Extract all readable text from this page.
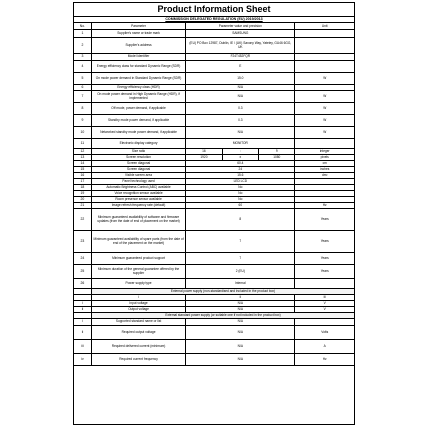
Product Information Sheet
COMMISSION DELEGATED REGULATION (EU) 2019/2013
No.	Parameter	Parameter value and precision	Unit
1	Supplier's name or trade mark	SAMSUNG
2	Supplier's address	(EU) PO Box 12987, Dublin, IE / (UK) Saxony Way, Yateley, GU46 6GG, UK
3	Model identifier	F24T452FQR
4	Energy efficiency class for standard Dynamic Range (SDR)	E
5	On mode power demand in Standard Dynamic Range (SDR)	15.0	W
6	Energy efficiency class (HDR)	N/A
7	On mode power demand in High Dynamic Range (HDR), if implemented	N/A	W
8	Off mode, power demand, if applicable	0.3	W
9	Standby mode power demand, if applicable	0.3	W
10	Networked standby mode power demand, if applicable	N/A	W
11	Electronic display category	MONITOR
12	Size ratio	16	:	9	integer
13	Screen resolution	1920	x	1080	pixels
14	Screen diagonal	60.4	cm
15	Screen diagonal	24	inches
16	Visible screen area	15.6	dm²
17	Panel technology used	LED LCD
18	Automatic Brightness Control (ABC) available	No
19	Voice recognition sensor available	No
20	Room presence sensor available	No
21	Image refresh frequency rate (default)	60	Hz
22	Minimum guaranteed availability of software and firmware updates (from the date of end of placement on the market)	8	Years
23	Minimum guaranteed availability of spare parts (from the date of end of the placement on the market)	7	Years
24	Minimum guaranteed product support	7	Years
25	Minimum duration of the general guarantee offered by the supplier	2 (EU)	Years
26	Power supply type	Internal
External power supply (non-standardised and included in the product box)
i	ii	iii
i	Input voltage	N/A	V
ii	Output voltage	N/A	V
External standard power supply (or suitable one if not included in the product box)
i	Supported standard name or list	N/A
ii	Required output voltage	N/A	Volts
iii	Required delivered current (minimum)	N/A	A
iv	Required current frequency	N/A	Hz
